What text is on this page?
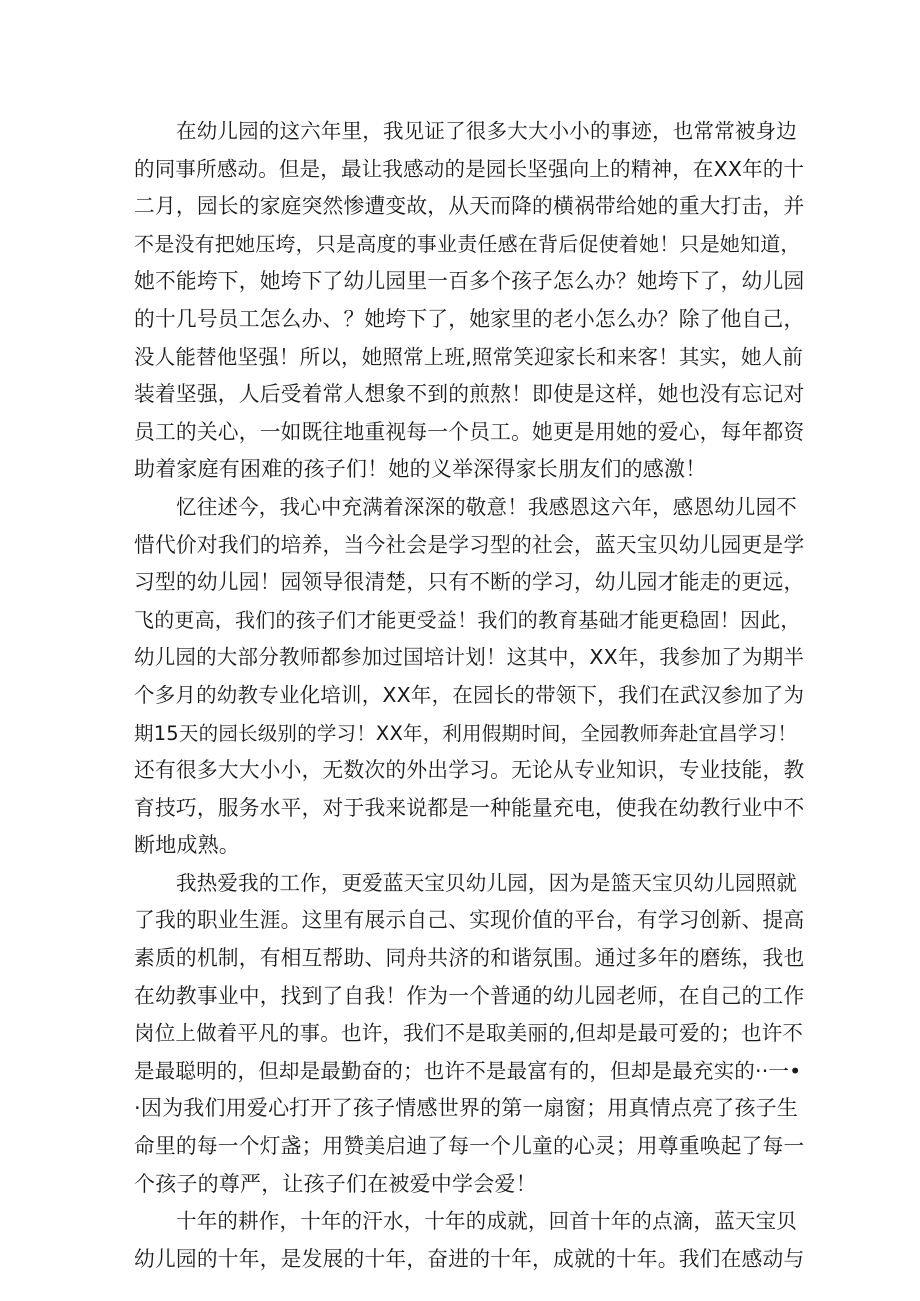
在幼儿园的这六年里，我见证了很多大大小小的事迹，也常常被身边
的同事所感动。但是，最让我感动的是园长坚强向上的精神，在XX年的十
二月，园长的家庭突然惨遭变故，从天而降的横祸带给她的重大打击，并
不是没有把她压垮，只是高度的事业责任感在背后促使着她！只是她知道，
她不能垮下，她垮下了幼儿园里一百多个孩子怎么办？她垮下了，幼儿园
的十几号员工怎么办、？她垮下了，她家里的老小怎么办？除了他自己，
没人能替他坚强！所以，她照常上班,照常笑迎家长和来客！其实，她人前
装着坚强，人后受着常人想象不到的煎熬！即使是这样，她也没有忘记对
员工的关心，一如既往地重视每一个员工。她更是用她的爱心，每年都资
助着家庭有困难的孩子们！她的义举深得家长朋友们的感激！
忆往述今，我心中充满着深深的敬意！我感恩这六年，感恩幼儿园不
惜代价对我们的培养，当今社会是学习型的社会，蓝天宝贝幼儿园更是学
习型的幼儿园！园领导很清楚，只有不断的学习，幼儿园才能走的更远，
飞的更高，我们的孩子们才能更受益！我们的教育基础才能更稳固！因此，
幼儿园的大部分教师都参加过国培计划！这其中，XX年，我参加了为期半
个多月的幼教专业化培训，XX年，在园长的带领下，我们在武汉参加了为
期15天的园长级别的学习！XX年，利用假期时间，全园教师奔赴宜昌学习！
还有很多大大小小，无数次的外出学习。无论从专业知识，专业技能，教
育技巧，服务水平，对于我来说都是一种能量充电，使我在幼教行业中不
断地成熟。
我热爱我的工作，更爱蓝天宝贝幼儿园，因为是篮天宝贝幼儿园照就
了我的职业生涯。这里有展示自己、实现价值的平台，有学习创新、提高
素质的机制，有相互帮助、同舟共济的和谐氛围。通过多年的磨练，我也
在幼教事业中，找到了自我！作为一个普通的幼儿园老师，在自己的工作
岗位上做着平凡的事。也许，我们不是取美丽的,但却是最可爱的；也许不
是最聪明的，但却是最勤奋的；也许不是最富有的，但却是最充实的··一•
·因为我们用爱心打开了孩子情感世界的第一扇窗；用真情点亮了孩子生
命里的每一个灯盏；用赞美启迪了每一个儿童的心灵；用尊重唤起了每一
个孩子的尊严，让孩子们在被爱中学会爱！
十年的耕作，十年的汗水，十年的成就，回首十年的点滴，蓝天宝贝
幼儿园的十年，是发展的十年，奋进的十年，成就的十年。我们在感动与
